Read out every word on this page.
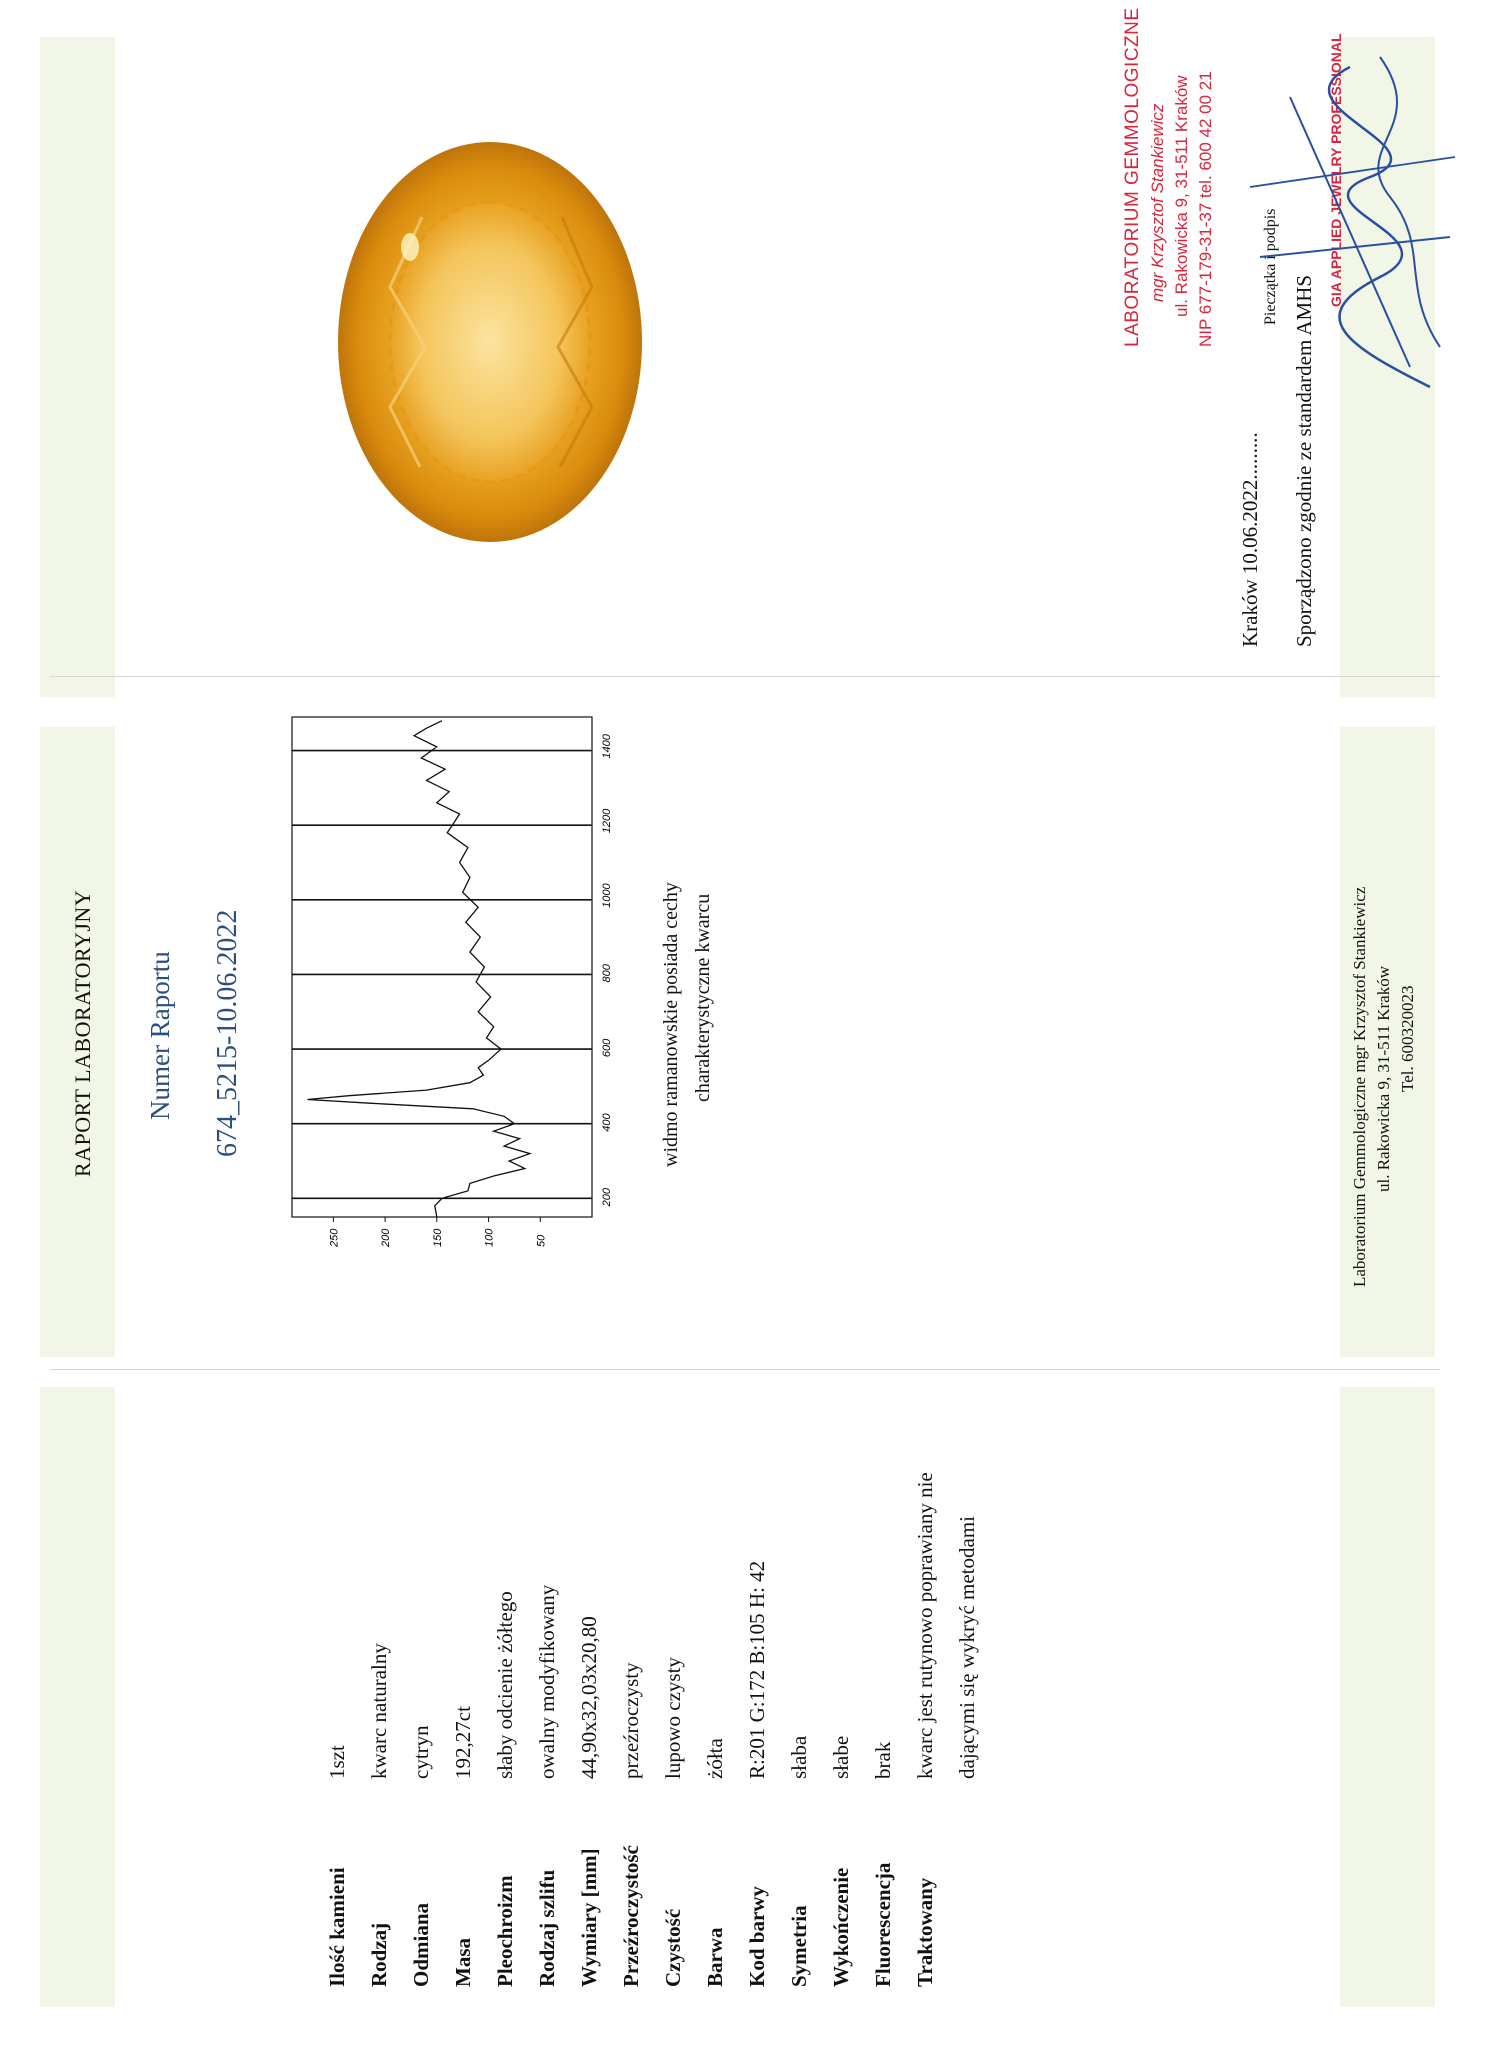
Ilość kamieni
1szt
Rodzaj
kwarc naturalny
Odmiana
cytryn
Masa
192,27ct
Pleochroizm
słaby odcienie żółtego
Rodzaj szlifu
owalny modyfikowany
Wymiary [mm]
44,90x32,03x20,80
Przeźroczystość
przeźroczysty
Czystość
lupowo czysty
Barwa
żółta
Kod barwy
R:201 G:172 B:105 H: 42
Symetria
słaba
Wykończenie
słabe
Fluorescencja
brak
Traktowany
kwarc jest rutynowo poprawiany nie dającymi się wykryć metodami
RAPORT LABORATORYJNY Numer Raportu 674_5215-10.06.2022
200
400
600
800
1000
1200
1400
50
100
150
200
250
widmo ramanowskie posiada cechy charakterystyczne kwarcu	Laboratorium Gemmologiczne mgr Krzysztof Stankiewicz ul. Rakowicka 9, 31-511 Kraków Tel. 600320023
LABORATORIUM GEMMOLOGICZNE mgr Krzysztof Stankiewicz ul. Rakowicka 9, 31-511 Kraków NIP 677-179-31-37 tel. 600 42 00 21	GIA APPLIED JEWELRY PROFESSIONAL
Kraków 10.06.2022.........
Pieczątka i podpis
Sporządzono zgodnie ze standardem AMHS
